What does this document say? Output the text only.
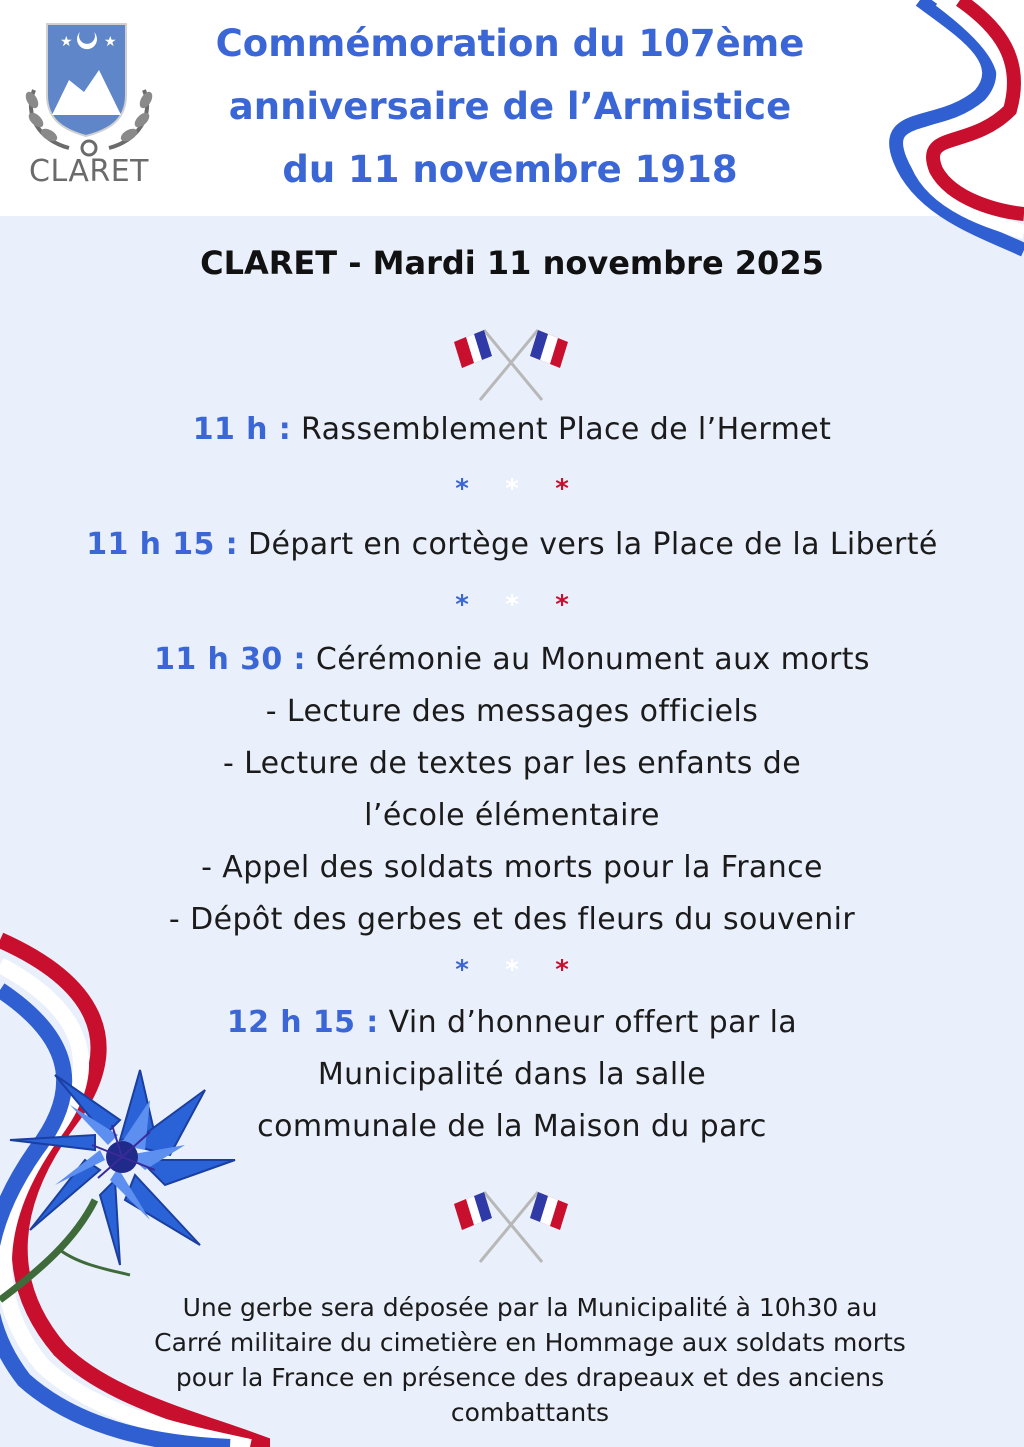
★ ★
CLARET
Commémoration du 107ème
anniversaire de l’Armistice
du 11 novembre 1918
CLARET - Mardi 11 novembre 2025
11 h : Rassemblement Place de l’Hermet
* * *
11 h 15 : Départ en cortège vers la Place de la Liberté
* * *
11 h 30 : Cérémonie au Monument aux morts
- Lecture des messages officiels
- Lecture de textes par les enfants de
l’école élémentaire
- Appel des soldats morts pour la France
- Dépôt des gerbes et des fleurs du souvenir
* * *
12 h 15 : Vin d’honneur offert par la
Municipalité dans la salle
communale de la Maison du parc
Une gerbe sera déposée par la Municipalité à 10h30 au
Carré militaire du cimetière en Hommage aux soldats morts
pour la France en présence des drapeaux et des anciens
combattants
